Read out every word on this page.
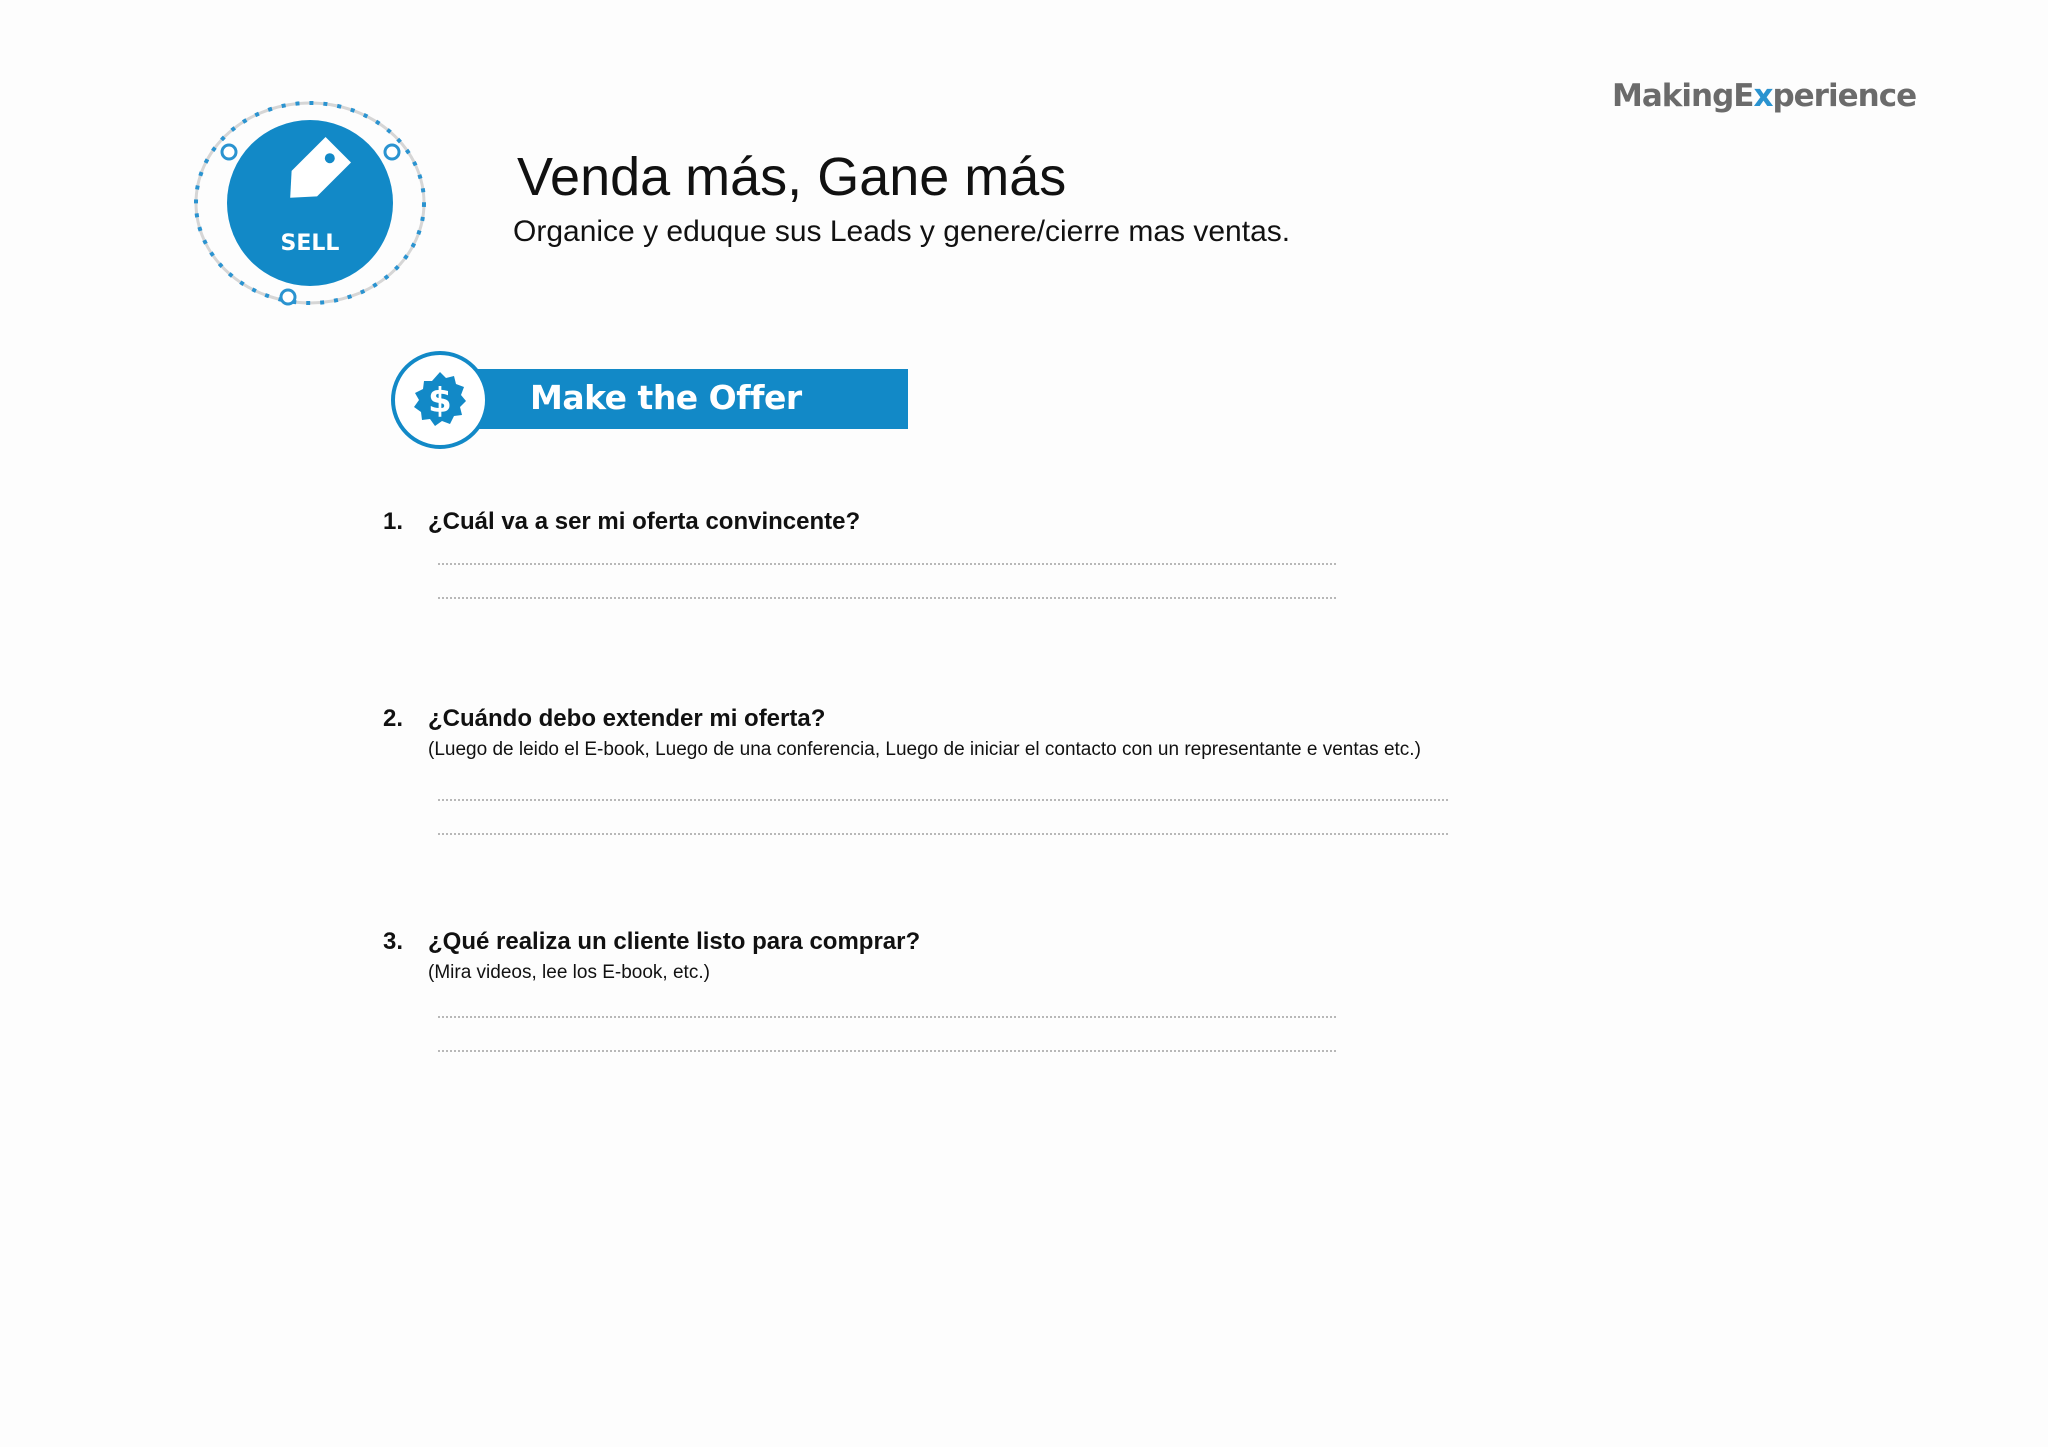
SELL
MakingExperience
Venda más, Gane más
Organice y eduque sus Leads y genere/cierre mas ventas.
Make the Offer
$
1. ¿Cuál va a ser mi oferta convincente?
2. ¿Cuándo debo extender mi oferta?
(Luego de leido el E-book, Luego de una conferencia, Luego de iniciar el contacto con un representante e ventas etc.)
3. ¿Qué realiza un cliente listo para comprar?
(Mira videos, lee los E-book, etc.)
